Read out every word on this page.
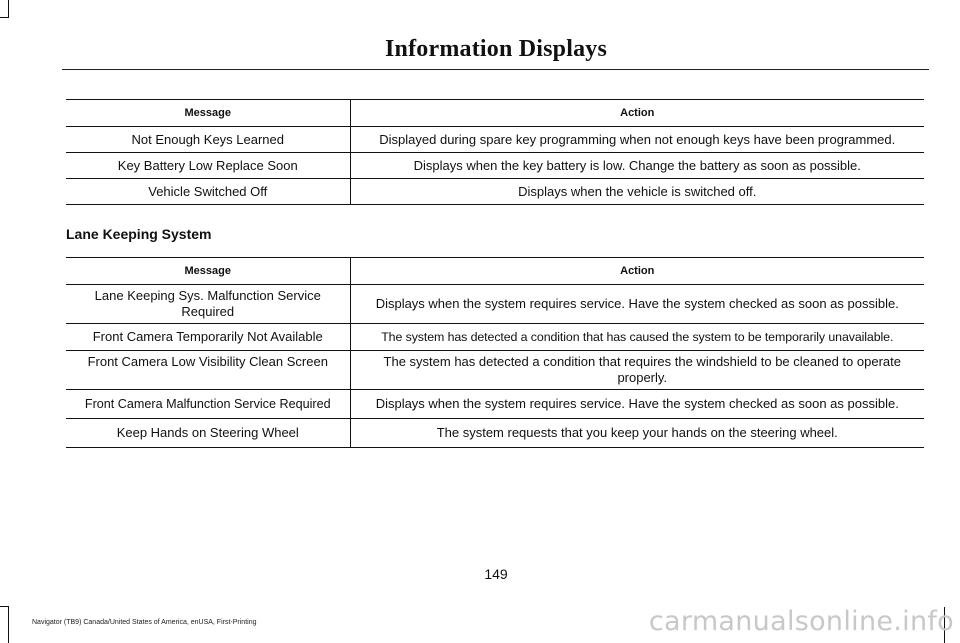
Information Displays
Message	Action
Not Enough Keys Learned	Displayed during spare key programming when not enough keys have been programmed.
Key Battery Low Replace Soon	Displays when the key battery is low. Change the battery as soon as possible.
Vehicle Switched Off	Displays when the vehicle is switched off.
Lane Keeping System
Message	Action
Lane Keeping Sys. Malfunction Service Required	Displays when the system requires service. Have the system checked as soon as possible.
Front Camera Temporarily Not Available	The system has detected a condition that has caused the system to be temporarily unavailable.
Front Camera Low Visibility Clean Screen	The system has detected a condition that requires the windshield to be cleaned to operate properly.
Front Camera Malfunction Service Required	Displays when the system requires service. Have the system checked as soon as possible.
Keep Hands on Steering Wheel	The system requests that you keep your hands on the steering wheel.
149
Navigator (TB9) Canada/United States of America, enUSA, First-Printing	carmanualsonline.info
